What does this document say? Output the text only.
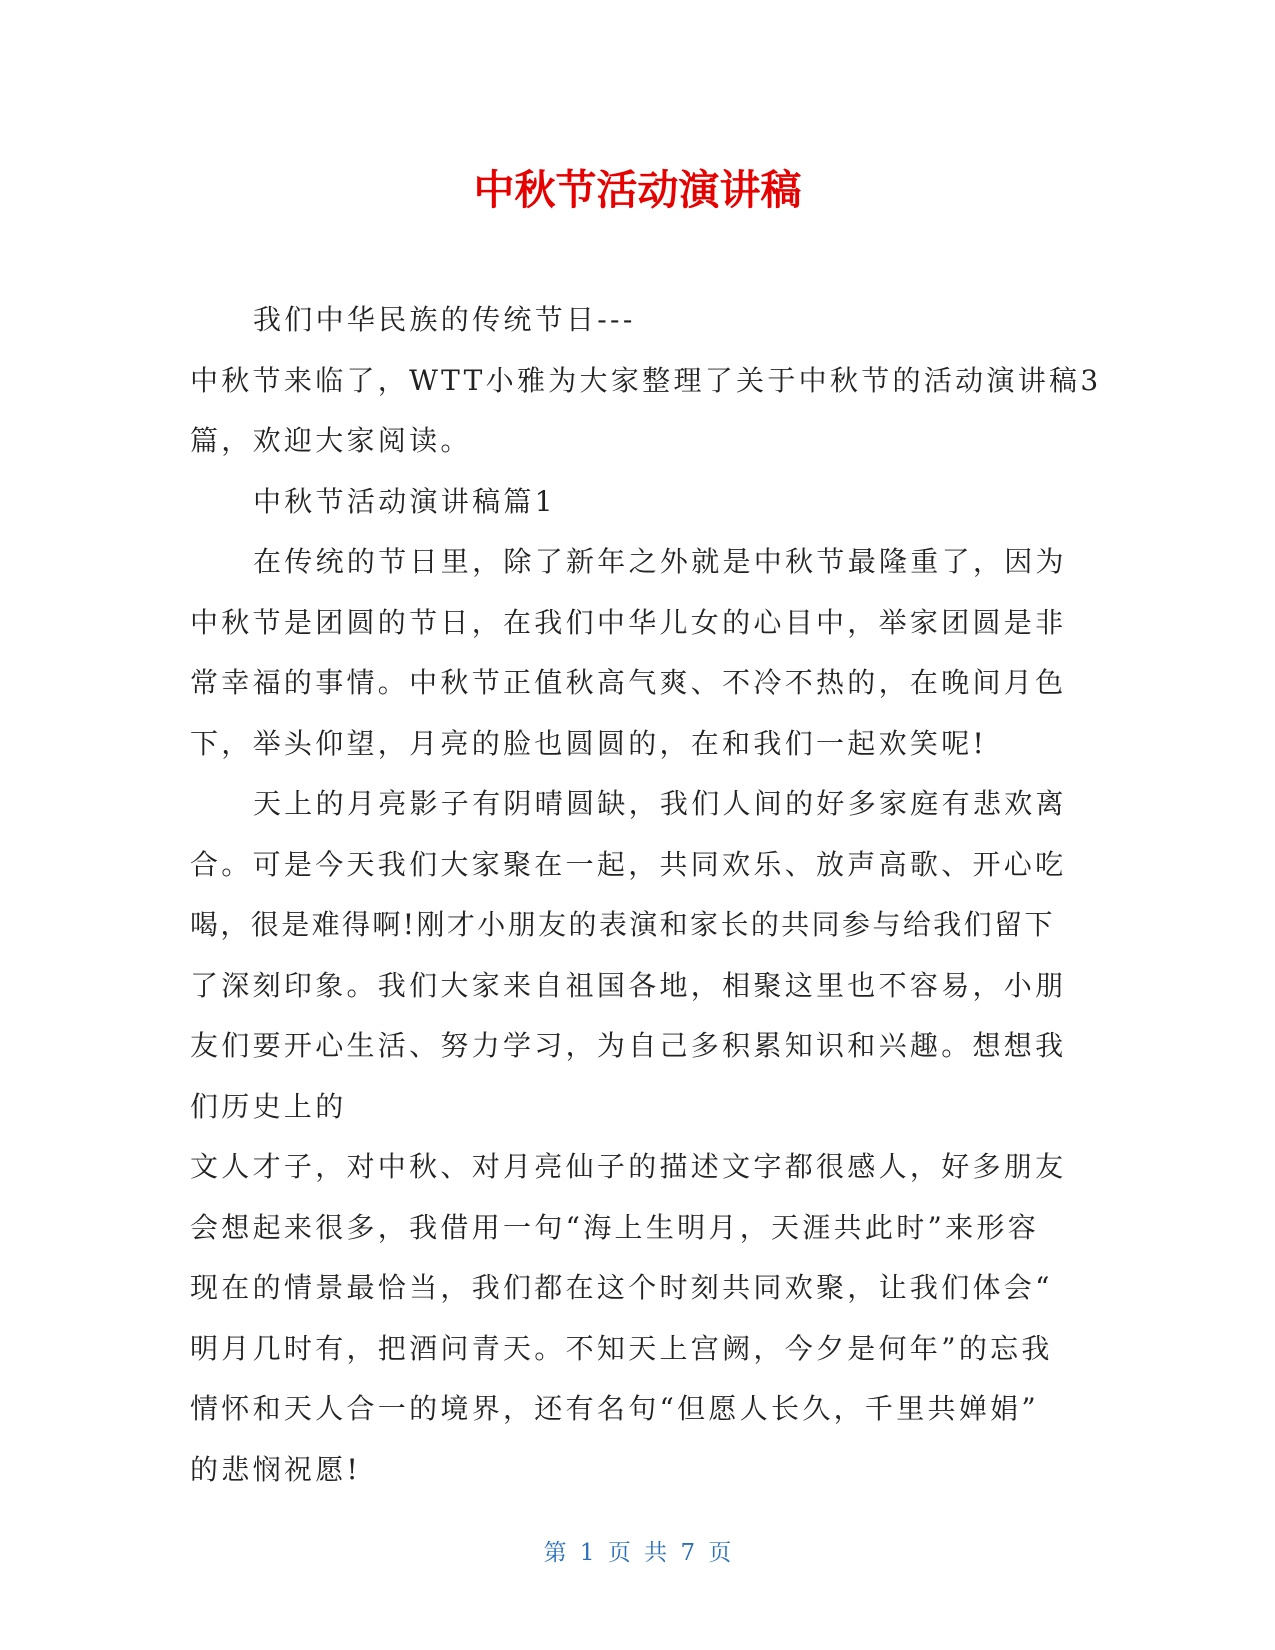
中秋节活动演讲稿

我们中华民族的传统节日---

中秋节来临了，WTT小雅为大家整理了关于中秋节的活动演讲稿3

篇，欢迎大家阅读。

中秋节活动演讲稿篇1

在传统的节日里，除了新年之外就是中秋节最隆重了，因为

中秋节是团圆的节日，在我们中华儿女的心目中，举家团圆是非

常幸福的事情。中秋节正值秋高气爽、不冷不热的，在晚间月色

下，举头仰望，月亮的脸也圆圆的，在和我们一起欢笑呢!

天上的月亮影子有阴晴圆缺，我们人间的好多家庭有悲欢离

合。可是今天我们大家聚在一起，共同欢乐、放声高歌、开心吃

喝，很是难得啊!刚才小朋友的表演和家长的共同参与给我们留下

了深刻印象。我们大家来自祖国各地，相聚这里也不容易，小朋

友们要开心生活、努力学习，为自己多积累知识和兴趣。想想我

们历史上的

文人才子，对中秋、对月亮仙子的描述文字都很感人，好多朋友

会想起来很多，我借用一句“海上生明月，天涯共此时”来形容

现在的情景最恰当，我们都在这个时刻共同欢聚，让我们体会“

明月几时有，把酒问青天。不知天上宫阙，今夕是何年”的忘我

情怀和天人合一的境界，还有名句“但愿人长久，千里共婵娟”

的悲悯祝愿!

第 1 页 共 7 页
